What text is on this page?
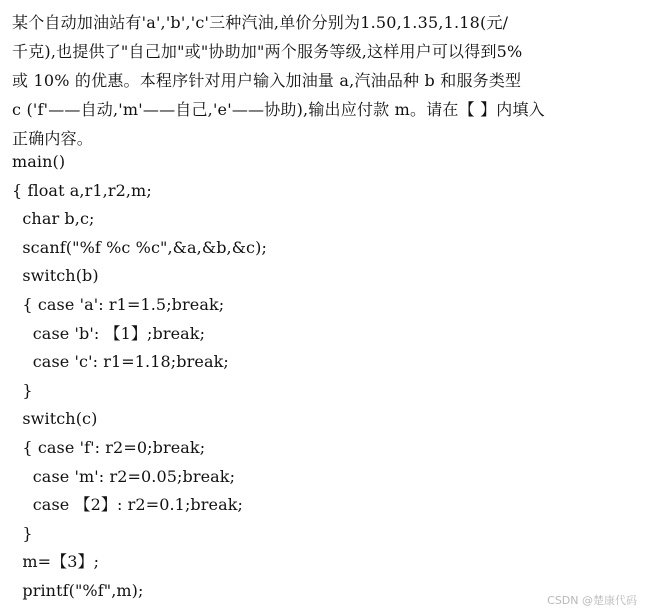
某个自动加油站有'a','b','c'三种汽油,单价分别为1.50,1.35,1.18(元/
千克),也提供了"自己加"或"协助加"两个服务等级,这样用户可以得到5%
或 10% 的优惠。本程序针对用户输入加油量 a,汽油品种 b 和服务类型
c ('f'——自动,'m'——自己,'e'——协助),输出应付款 m。请在【 】内填入
正确内容。
main()
{ float a,r1,r2,m;
char b,c;
scanf("%f %c %c",&a,&b,&c);
switch(b)
{ case 'a': r1=1.5;break;
case 'b': 【1】;break;
case 'c': r1=1.18;break;
}
switch(c)
{ case 'f': r2=0;break;
case 'm': r2=0.05;break;
case 【2】: r2=0.1;break;
}
m=【3】;
printf("%f",m);
CSDN @楚康代码
